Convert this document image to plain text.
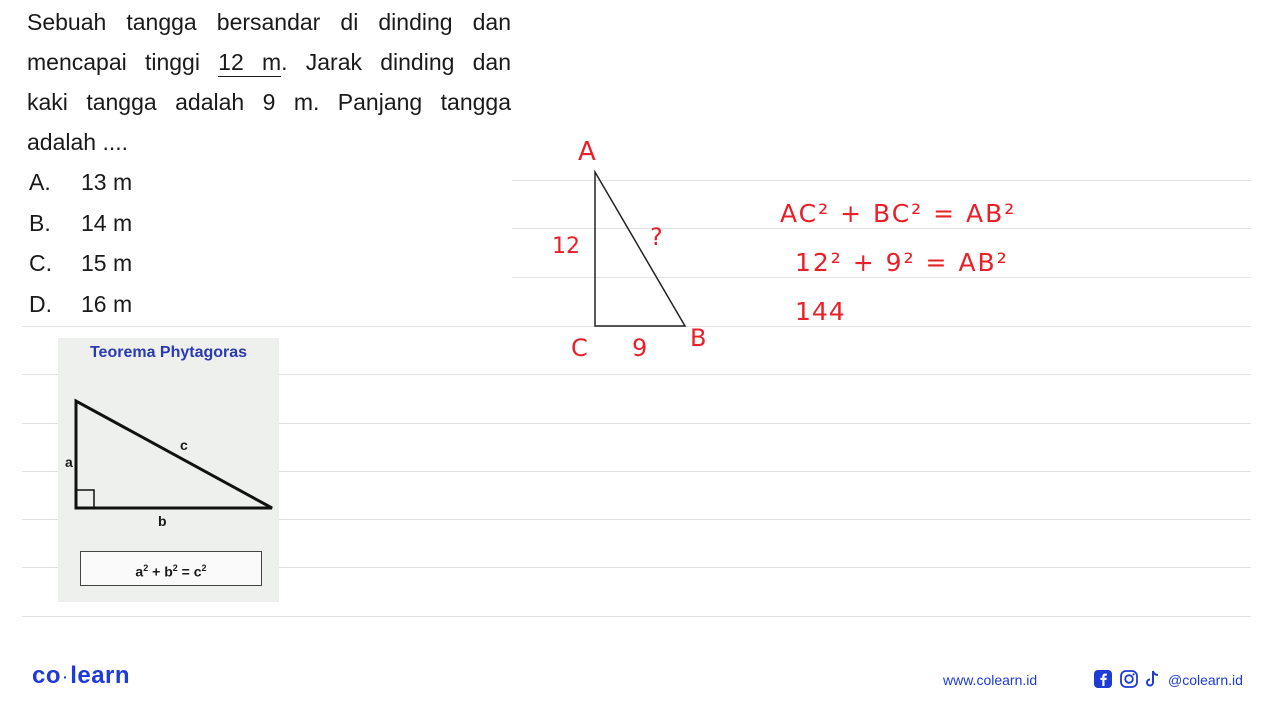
Sebuah tangga bersandar di dinding dan
mencapai tinggi 12 m. Jarak dinding dan
kaki tangga adalah 9 m. Panjang tangga
adalah ....
A.	13 m
B.	14 m
C.	15 m
D.	16 m
Teorema Phytagoras
a
c
b
$a^2 + b^2 = c^2$
A
12	?
C 9 B
AC² + BC² = AB²
12² + 9² = AB²
144
co ·learn	www.colearn.id	@colearn.id
